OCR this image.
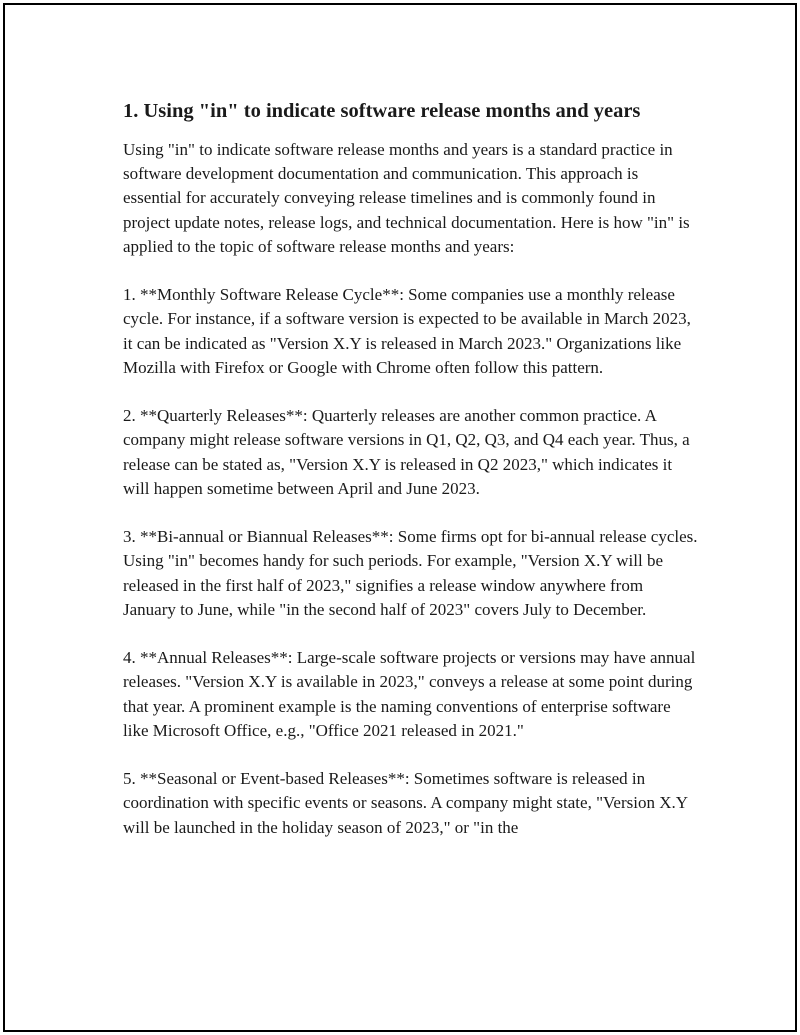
1. Using "in" to indicate software release months and years

Using "in" to indicate software release months and years is a standard practice in software development documentation and communication. This approach is essential for accurately conveying release timelines and is commonly found in project update notes, release logs, and technical documentation. Here is how "in" is applied to the topic of software release months and years:

1. **Monthly Software Release Cycle**: Some companies use a monthly release cycle. For instance, if a software version is expected to be available in March 2023, it can be indicated as "Version X.Y is released in March 2023." Organizations like Mozilla with Firefox or Google with Chrome often follow this pattern.

2. **Quarterly Releases**: Quarterly releases are another common practice. A company might release software versions in Q1, Q2, Q3, and Q4 each year. Thus, a release can be stated as, "Version X.Y is released in Q2 2023," which indicates it will happen sometime between April and June 2023.

3. **Bi-annual or Biannual Releases**: Some firms opt for bi-annual release cycles. Using "in" becomes handy for such periods. For example, "Version X.Y will be released in the first half of 2023," signifies a release window anywhere from January to June, while "in the second half of 2023" covers July to December.

4. **Annual Releases**: Large-scale software projects or versions may have annual releases. "Version X.Y is available in 2023," conveys a release at some point during that year. A prominent example is the naming conventions of enterprise software like Microsoft Office, e.g., "Office 2021 released in 2021."

5. **Seasonal or Event-based Releases**: Sometimes software is released in coordination with specific events or seasons. A company might state, "Version X.Y will be launched in the holiday season of 2023," or "in the
